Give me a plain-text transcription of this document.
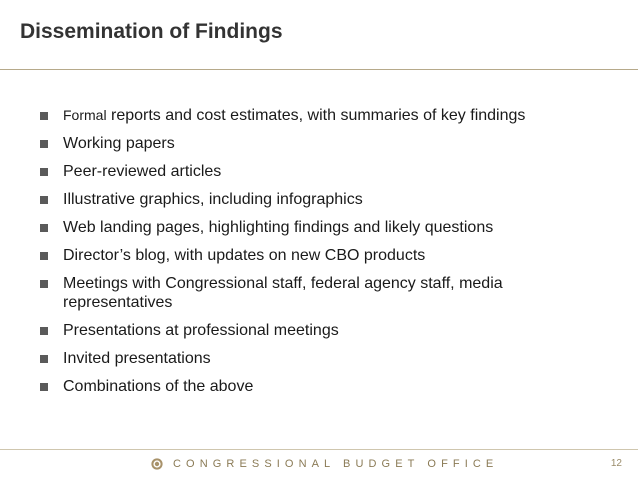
Dissemination of Findings
Formal reports and cost estimates, with summaries of key findings
Working papers
Peer-reviewed articles
Illustrative graphics, including infographics
Web landing pages, highlighting findings and likely questions
Director’s blog, with updates on new CBO products
Meetings with Congressional staff, federal agency staff, media representatives
Presentations at professional meetings
Invited presentations
Combinations of the above
CONGRESSIONAL BUDGET OFFICE	12
